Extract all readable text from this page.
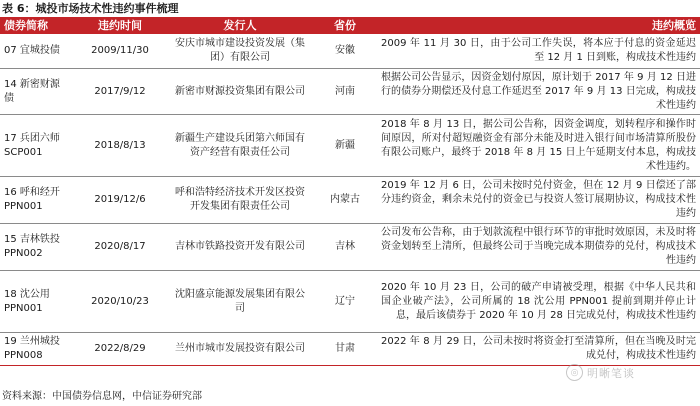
表 6：城投市场技术性违约事件梳理
债券简称	违约时间	发行人	省份	违约概览
07 宜城投债	2009/11/30	安庆市城市建设投资发展（集团）有限公司	安徽	2009 年 11 月 30 日，由于公司工作失误，将本应于付息的资金延迟至 12 月 1 日到账，构成技术性违约
14 新密财源债	2017/9/12	新密市财源投资集团有限公司	河南	根据公司公告显示，因资金划付原因，原计划于 2017 年 9 月 12 日进行的债券分期偿还及付息工作延迟至 2017 年 9 月 13 日完成，构成技术性违约
17 兵团六师 SCP001	2018/8/13	新疆生产建设兵团第六师国有资产经营有限责任公司	新疆	2018 年 8 月 13 日，据公司公告称，因资金调度，划转程序和操作时间原因，所对付超短融资金有部分未能及时进入银行间市场清算所股份有限公司账户，最终于 2018 年 8 月 15 日上午延期支付本息，构成技术性违约。
16 呼和经开 PPN001	2019/12/6	呼和浩特经济技术开发区投资开发集团有限责任公司	内蒙古	2019 年 12 月 6 日，公司未按时兑付资金，但在 12 月 9 日偿还了部分违约资金，剩余未兑付的资金已与投资人签订展期协议，构成技术性违约
15 吉林铁投 PPN002	2020/8/17	吉林市铁路投资开发有限公司	吉林	公司发布公告称，由于划款流程中银行环节的审批时效原因，未及时将资金划转至上清所，但最终公司于当晚完成本期债券的兑付，构成技术性违约
18 沈公用 PPN001	2020/10/23	沈阳盛京能源发展集团有限公司	辽宁	2020 年 10 月 23 日，公司的破产申请被受理，根据《中华人民共和国企业破产法》，公司所属的 18 沈公用 PPN001 提前到期并停止计息，最后该债券于 2020 年 10 月 28 日完成兑付，构成技术性违约
19 兰州城投 PPN008	2022/8/29	兰州市城市发展投资有限公司	甘肃	2022 年 8 月 29 日，公司未按时将资金打至清算所，但在当晚及时完成兑付，构成技术性违约
◎ 明晰笔谈
资料来源：中国债券信息网，中信证券研究部
